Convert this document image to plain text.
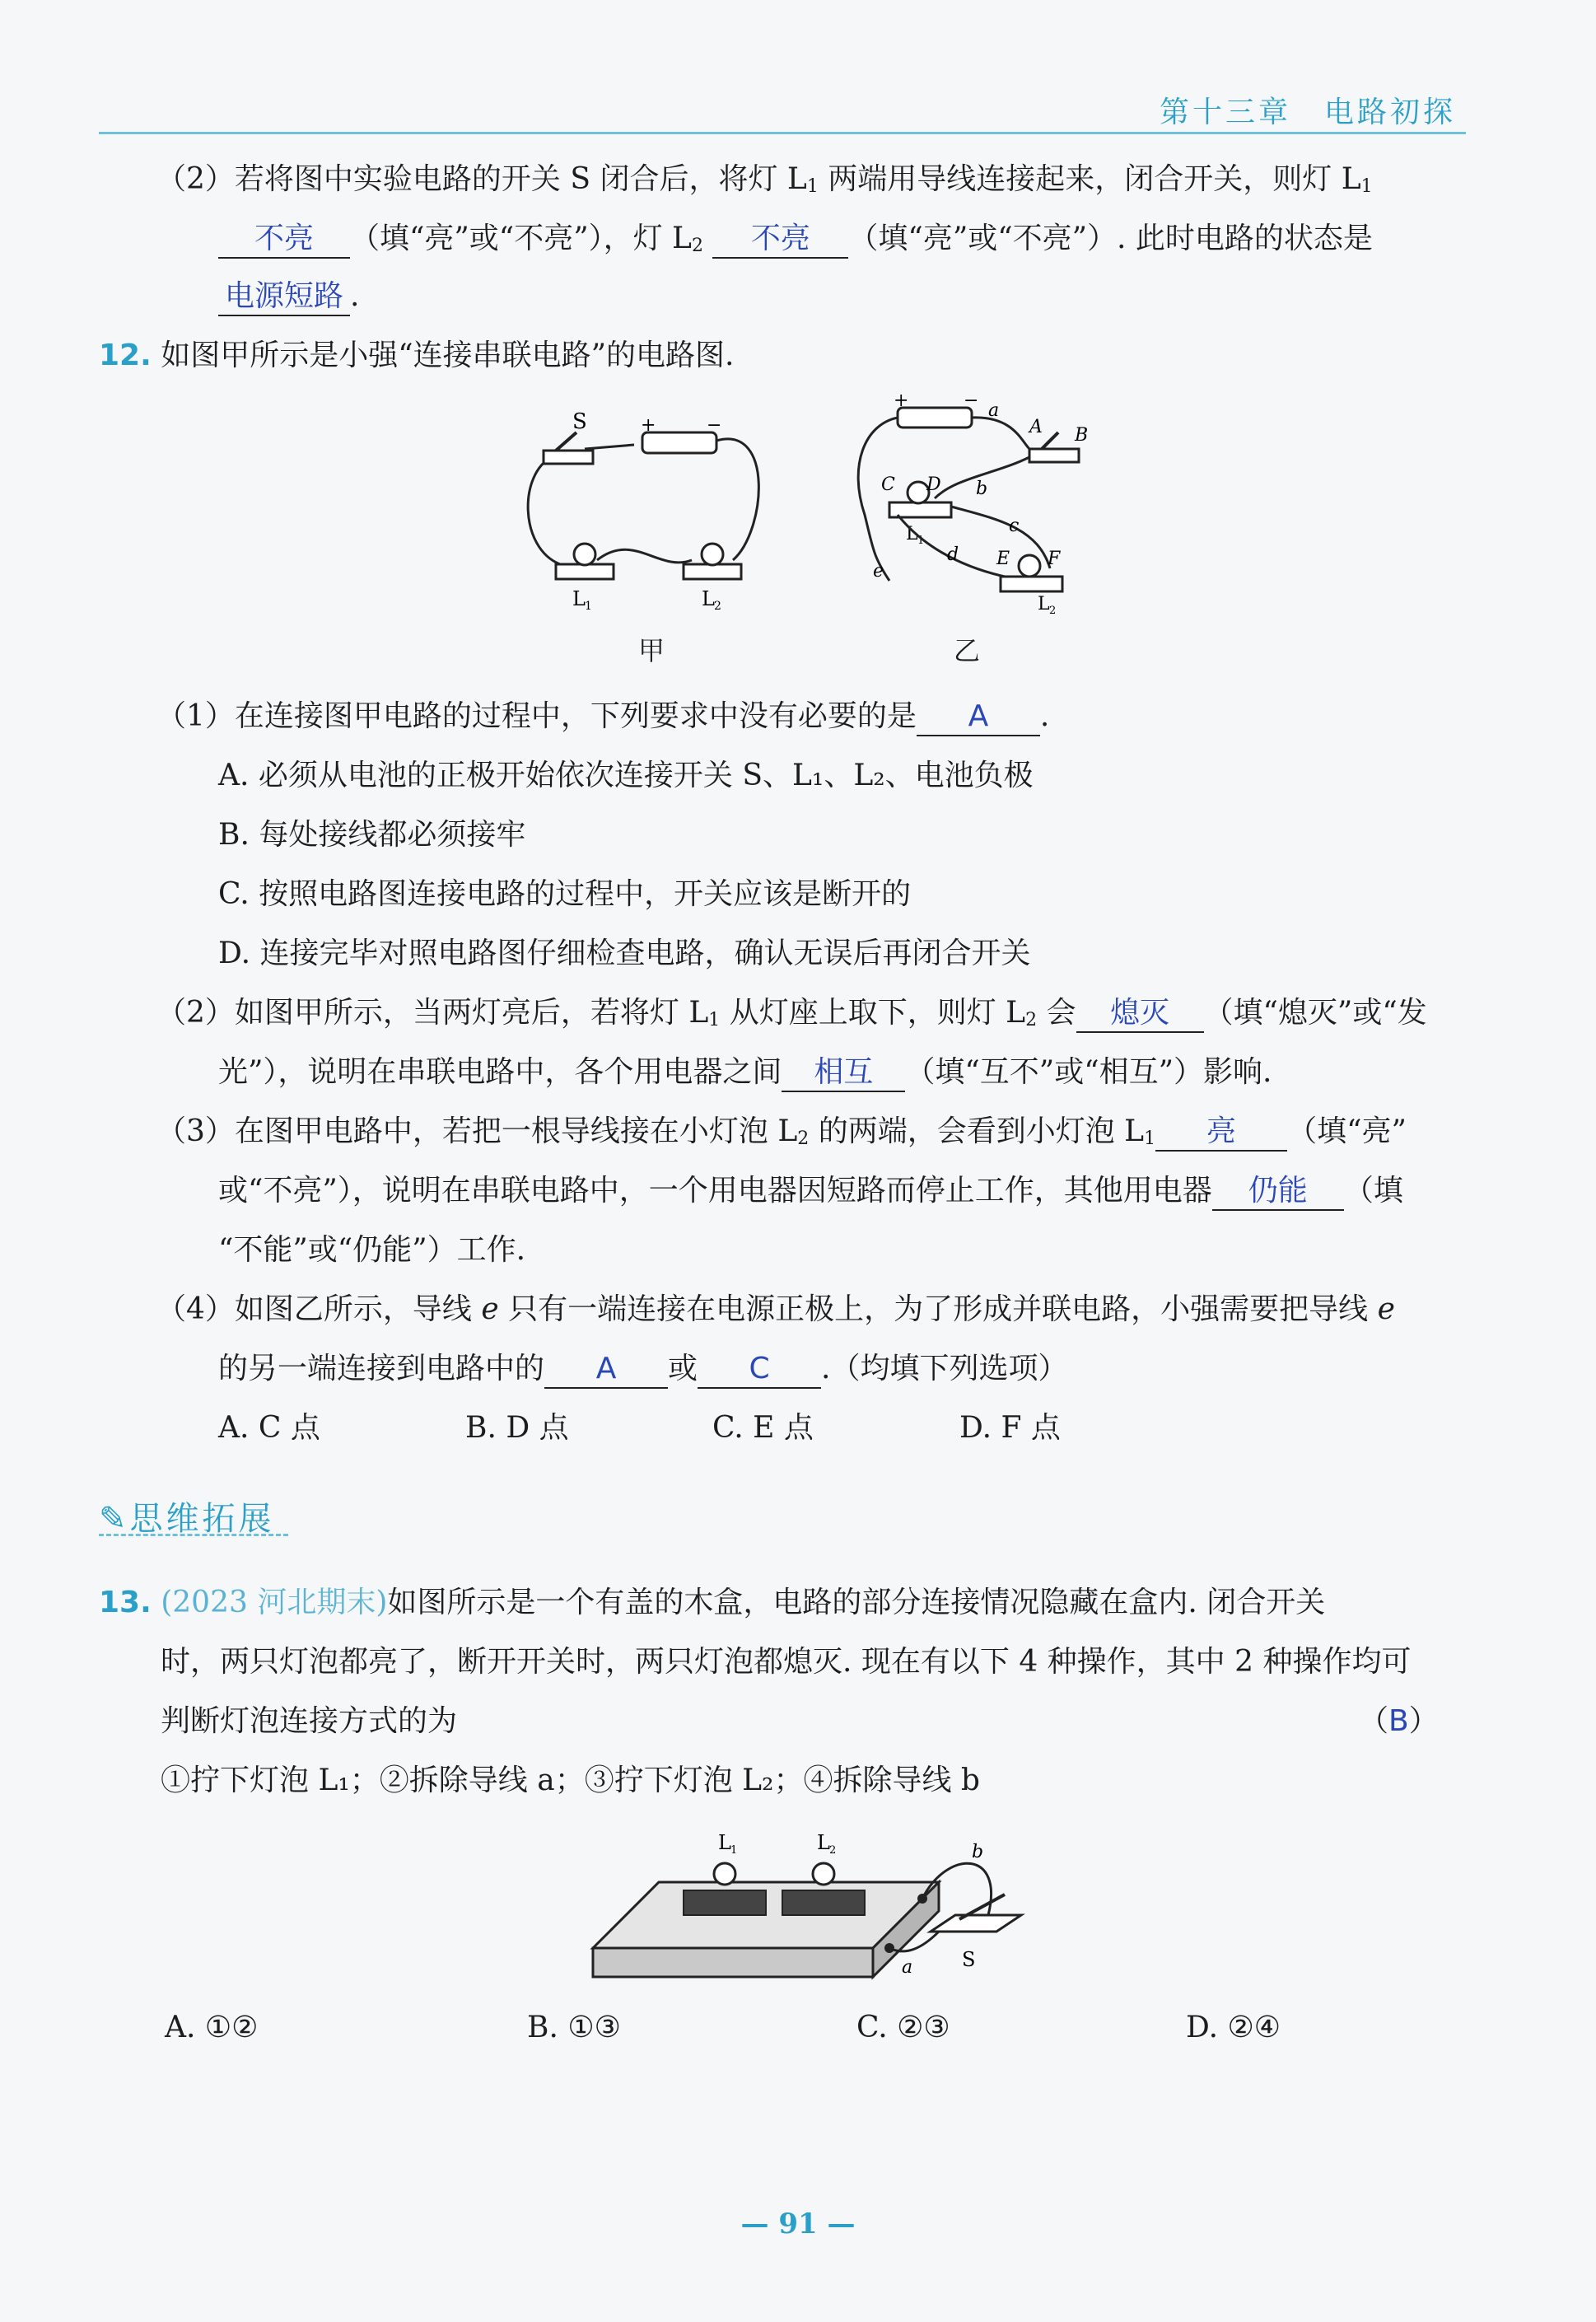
第十三章　电路初探
（2）若将图中实验电路的开关 S 闭合后，将灯 L1 两端用导线连接起来，闭合开关，则灯 L1
不亮 （填“亮”或“不亮”），灯 L2 不亮 （填“亮”或“不亮”）. 此时电路的状态是
电源短路 .
12. 如图甲所示是小强“连接串联电路”的电路图.
S	+	−
L 1	L 2
甲
+	− a
A B
e
b
C D
L 1
c
d E F
L 2
乙
（1）在连接图甲电路的过程中，下列要求中没有必要的是 A .
A. 必须从电池的正极开始依次连接开关 S、L₁、L₂、电池负极
B. 每处接线都必须接牢
C. 按照电路图连接电路的过程中，开关应该是断开的
D. 连接完毕对照电路图仔细检查电路，确认无误后再闭合开关
（2）如图甲所示，当两灯亮后，若将灯 L1 从灯座上取下，则灯 L2 会 熄灭 （填“熄灭”或“发
光”），说明在串联电路中，各个用电器之间 相互 （填“互不”或“相互”）影响.
（3）在图甲电路中，若把一根导线接在小灯泡 L2 的两端，会看到小灯泡 L1 亮 （填“亮”
或“不亮”），说明在串联电路中，一个用电器因短路而停止工作，其他用电器 仍能 （填
“不能”或“仍能”）工作.
（4）如图乙所示，导线 e 只有一端连接在电源正极上，为了形成并联电路，小强需要把导线 e
的另一端连接到电路中的 A 或 C .（均填下列选项）
A. C 点	B. D 点	C. E 点	D. F 点
✎思维拓展
13. (2023 河北期末)如图所示是一个有盖的木盒，电路的部分连接情况隐藏在盒内. 闭合开关
时，两只灯泡都亮了，断开开关时，两只灯泡都熄灭. 现在有以下 4 种操作，其中 2 种操作均可
判断灯泡连接方式的为	（B）
①拧下灯泡 L₁；②拆除导线 a；③拧下灯泡 L₂；④拆除导线 b
L 1	L 2	b
a S
A. ①②	B. ①③	C. ②③	D. ②④
— 91 —
